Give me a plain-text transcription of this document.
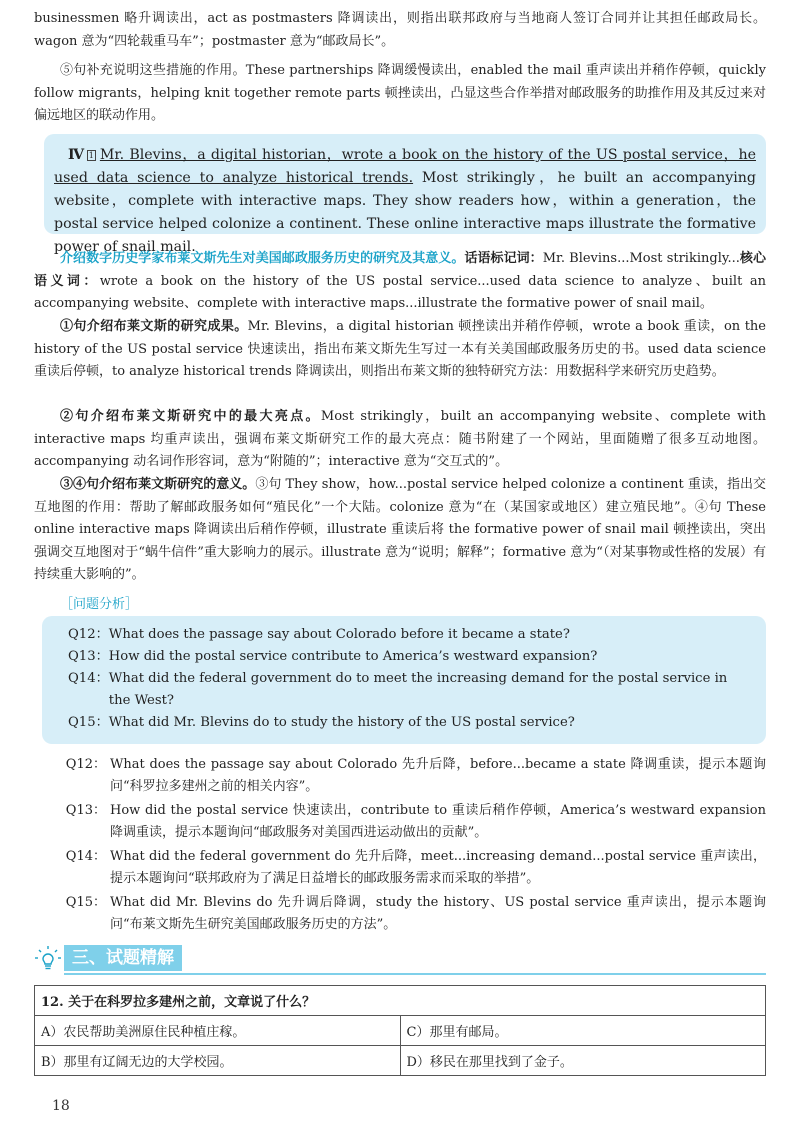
businessmen 略升调读出，act as postmasters 降调读出，则指出联邦政府与当地商人签订合同并让其担任邮政局长。wagon 意为“四轮载重马车”；postmaster 意为“邮政局长”。

⑤句补充说明这些措施的作用。These partnerships 降调缓慢读出，enabled the mail 重声读出并稍作停顿，quickly follow migrants，helping knit together remote parts 顿挫读出，凸显这些合作举措对邮政服务的助推作用及其反过来对偏远地区的联动作用。

Ⅳ $^1$ Mr. Blevins，a digital historian，wrote a book on the history of the US postal service，he used data science to analyze historical trends. Most strikingly，he built an accompanying website，complete with interactive maps. They show readers how，within a generation，the postal service helped colonize a continent. These online interactive maps illustrate the formative power of snail mail.

介绍数字历史学家布莱文斯先生对美国邮政服务历史的研究及其意义。话语标记词：Mr. Blevins...Most strikingly...核心语义词：wrote a book on the history of the US postal service...used data science to analyze、built an accompanying website、complete with interactive maps...illustrate the formative power of snail mail。

①句介绍布莱文斯的研究成果。Mr. Blevins，a digital historian 顿挫读出并稍作停顿，wrote a book 重读，on the history of the US postal service 快速读出，指出布莱文斯先生写过一本有关美国邮政服务历史的书。used data science 重读后停顿，to analyze historical trends 降调读出，则指出布莱文斯的独特研究方法：用数据科学来研究历史趋势。

②句介绍布莱文斯研究中的最大亮点。Most strikingly，built an accompanying website、complete with interactive maps 均重声读出，强调布莱文斯研究工作的最大亮点：随书附建了一个网站，里面随赠了很多互动地图。accompanying 动名词作形容词，意为“附随的”；interactive 意为“交互式的”。

③④句介绍布莱文斯研究的意义。③句 They show，how...postal service helped colonize a continent 重读，指出交互地图的作用：帮助了解邮政服务如何“殖民化”一个大陆。colonize 意为“在（某国家或地区）建立殖民地”。④句 These online interactive maps 降调读出后稍作停顿，illustrate 重读后将 the formative power of snail mail 顿挫读出，突出强调交互地图对于“蜗牛信件”重大影响力的展示。illustrate 意为“说明；解释”；formative 意为“（对某事物或性格的发展）有持续重大影响的”。

［问题分析］
Q12： What does the passage say about Colorado before it became a state?
Q13： How did the postal service contribute to America’s westward expansion?
Q14： What did the federal government do to meet the increasing demand for the postal service in the West?
Q15： What did Mr. Blevins do to study the history of the US postal service?
Q12： What does the passage say about Colorado 先升后降，before...became a state 降调重读，提示本题询问“科罗拉多建州之前的相关内容”。
Q13： How did the postal service 快速读出，contribute to 重读后稍作停顿，America’s westward expansion 降调重读，提示本题询问“邮政服务对美国西进运动做出的贡献”。
Q14： What did the federal government do 先升后降，meet...increasing demand...postal service 重声读出，提示本题询问“联邦政府为了满足日益增长的邮政服务需求而采取的举措”。
Q15： What did Mr. Blevins do 先升调后降调，study the history、US postal service 重声读出，提示本题询问“布莱文斯先生研究美国邮政服务历史的方法”。
三、试题精解
12. 关于在科罗拉多建州之前，文章说了什么？	
A）农民帮助美洲原住民种植庄稼。	C）那里有邮局。
B）那里有辽阔无边的大学校园。	D）移民在那里找到了金子。
18
